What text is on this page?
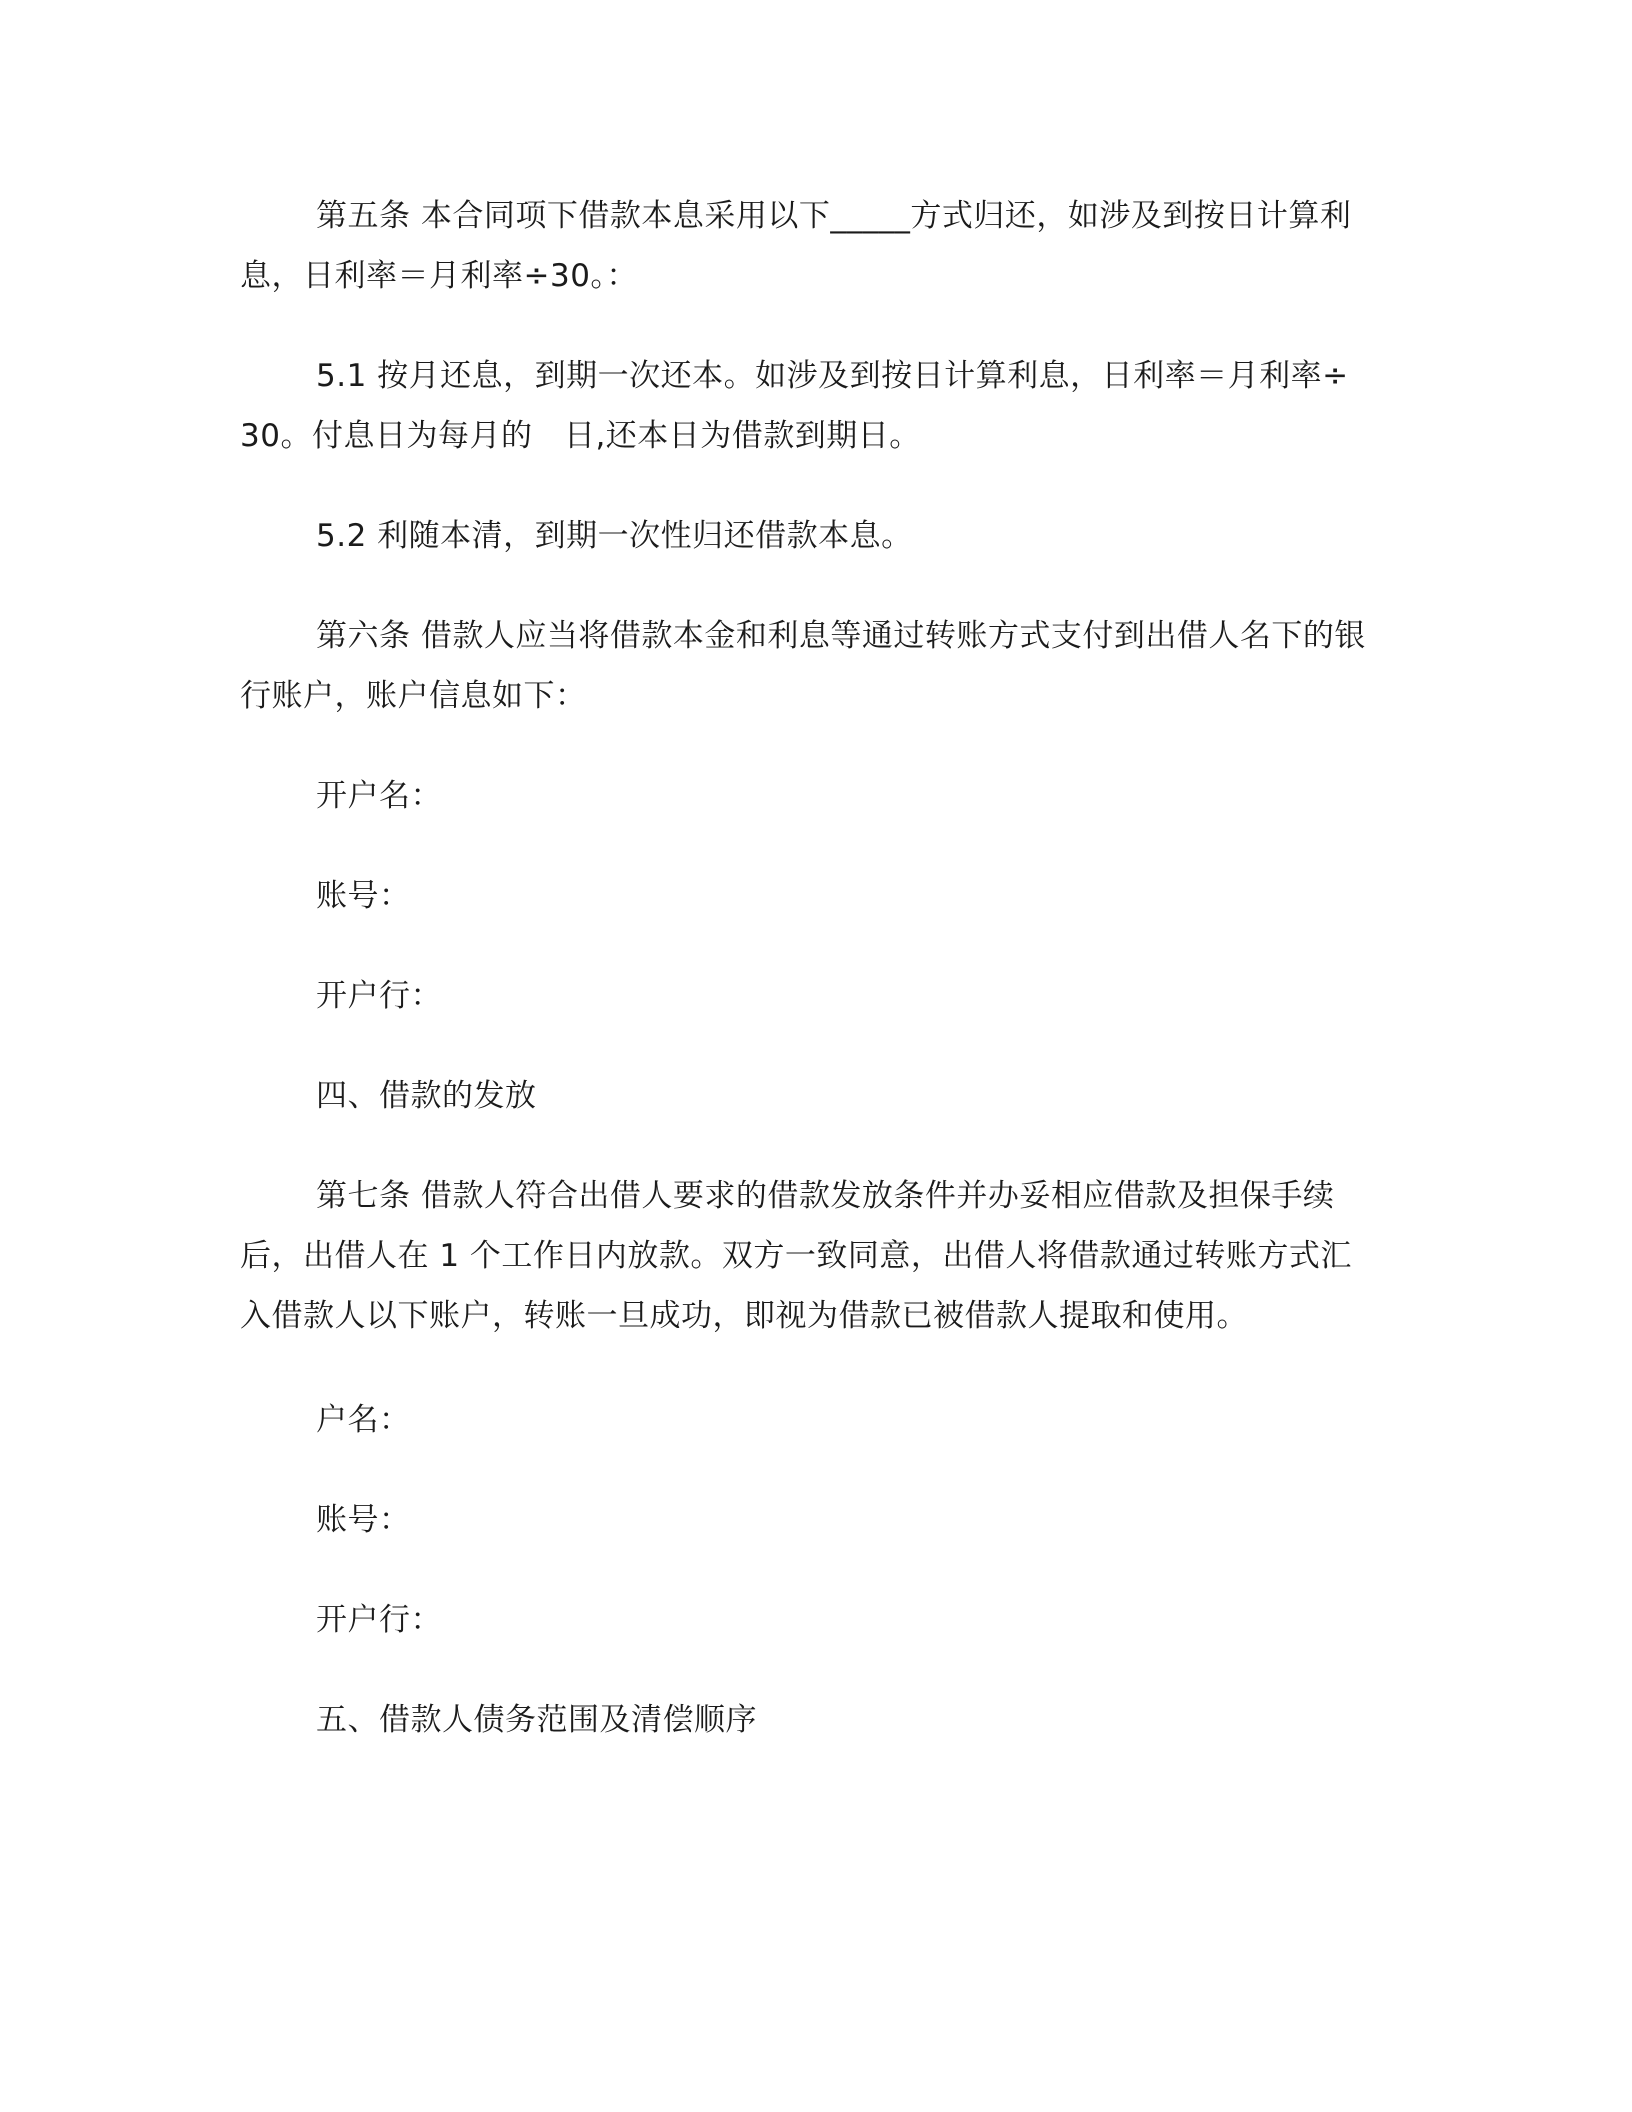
第五条 本合同项下借款本息采用以下_____方式归还，如涉及到按日计算利
息，日利率＝月利率÷30。：
5.1 按月还息，到期一次还本。如涉及到按日计算利息，日利率＝月利率÷
30。付息日为每月的　日,还本日为借款到期日。
5.2 利随本清，到期一次性归还借款本息。
第六条 借款人应当将借款本金和利息等通过转账方式支付到出借人名下的银
行账户，账户信息如下：
开户名：
账号：
开户行：
四、借款的发放
第七条 借款人符合出借人要求的借款发放条件并办妥相应借款及担保手续
后，出借人在 1 个工作日内放款。双方一致同意，出借人将借款通过转账方式汇
入借款人以下账户，转账一旦成功，即视为借款已被借款人提取和使用。
户名：
账号：
开户行：
五、借款人债务范围及清偿顺序
